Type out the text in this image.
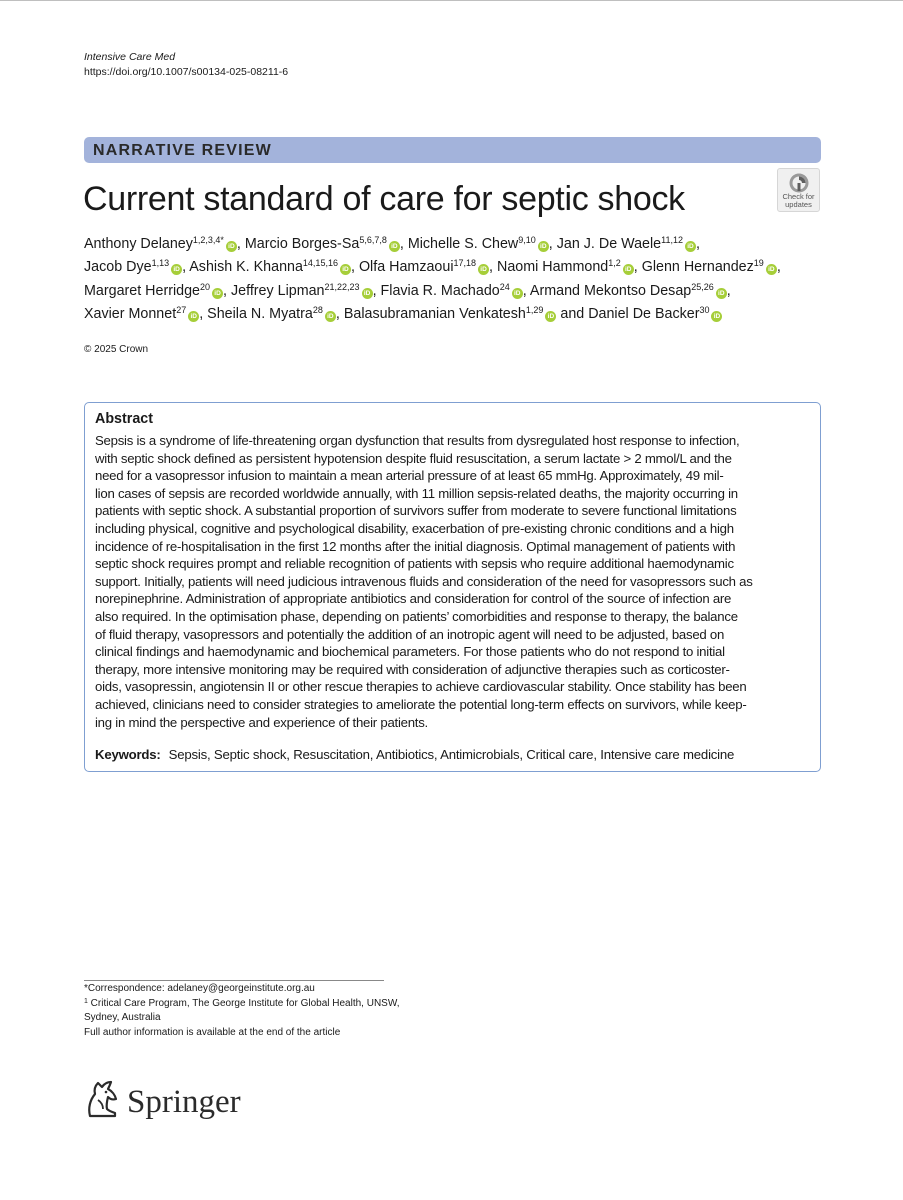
Intensive Care Med
https://doi.org/10.1007/s00134-025-08211-6
NARRATIVE REVIEW
Current standard of care for septic shock	Check for
updates
Anthony Delaney$^{1,2,3,4*}$iD , Marcio Borges-Sa$^{5,6,7,8}$iD , Michelle S. Chew$^{9,10}$iD , Jan J. De Waele$^{11,12}$iD ,
Jacob Dye$^{1,13}$iD , Ashish K. Khanna$^{14,15,16}$iD , Olfa Hamzaoui$^{17,18}$iD , Naomi Hammond$^{1,2}$iD , Glenn Hernandez$^{19}$iD ,
Margaret Herridge$^{20}$iD , Jeffrey Lipman$^{21,22,23}$iD , Flavia R. Machado$^{24}$iD , Armand Mekontso Desap$^{25,26}$iD ,
Xavier Monnet$^{27}$iD , Sheila N. Myatra$^{28}$iD , Balasubramanian Venkatesh$^{1,29}$iD and Daniel De Backer$^{30}$iD
© 2025 Crown
Abstract
Sepsis is a syndrome of life-threatening organ dysfunction that results from dysregulated host response to infection,
with septic shock defined as persistent hypotension despite fluid resuscitation, a serum lactate > 2 mmol/L and the
need for a vasopressor infusion to maintain a mean arterial pressure of at least 65 mmHg. Approximately, 49 mil-
lion cases of sepsis are recorded worldwide annually, with 11 million sepsis-related deaths, the majority occurring in
patients with septic shock. A substantial proportion of survivors suffer from moderate to severe functional limitations
including physical, cognitive and psychological disability, exacerbation of pre-existing chronic conditions and a high
incidence of re-hospitalisation in the first 12 months after the initial diagnosis. Optimal management of patients with
septic shock requires prompt and reliable recognition of patients with sepsis who require additional haemodynamic
support. Initially, patients will need judicious intravenous fluids and consideration of the need for vasopressors such as
norepinephrine. Administration of appropriate antibiotics and consideration for control of the source of infection are
also required. In the optimisation phase, depending on patients’ comorbidities and response to therapy, the balance
of fluid therapy, vasopressors and potentially the addition of an inotropic agent will need to be adjusted, based on
clinical findings and haemodynamic and biochemical parameters. For those patients who do not respond to initial
therapy, more intensive monitoring may be required with consideration of adjunctive therapies such as corticoster-
oids, vasopressin, angiotensin II or other rescue therapies to achieve cardiovascular stability. Once stability has been
achieved, clinicians need to consider strategies to ameliorate the potential long-term effects on survivors, while keep-
ing in mind the perspective and experience of their patients.
Keywords: Sepsis, Septic shock, Resuscitation, Antibiotics, Antimicrobials, Critical care, Intensive care medicine
*Correspondence: adelaney@georgeinstitute.org.au
$^1$ Critical Care Program, The George Institute for Global Health, UNSW,
Sydney, Australia
Full author information is available at the end of the article
Springer
